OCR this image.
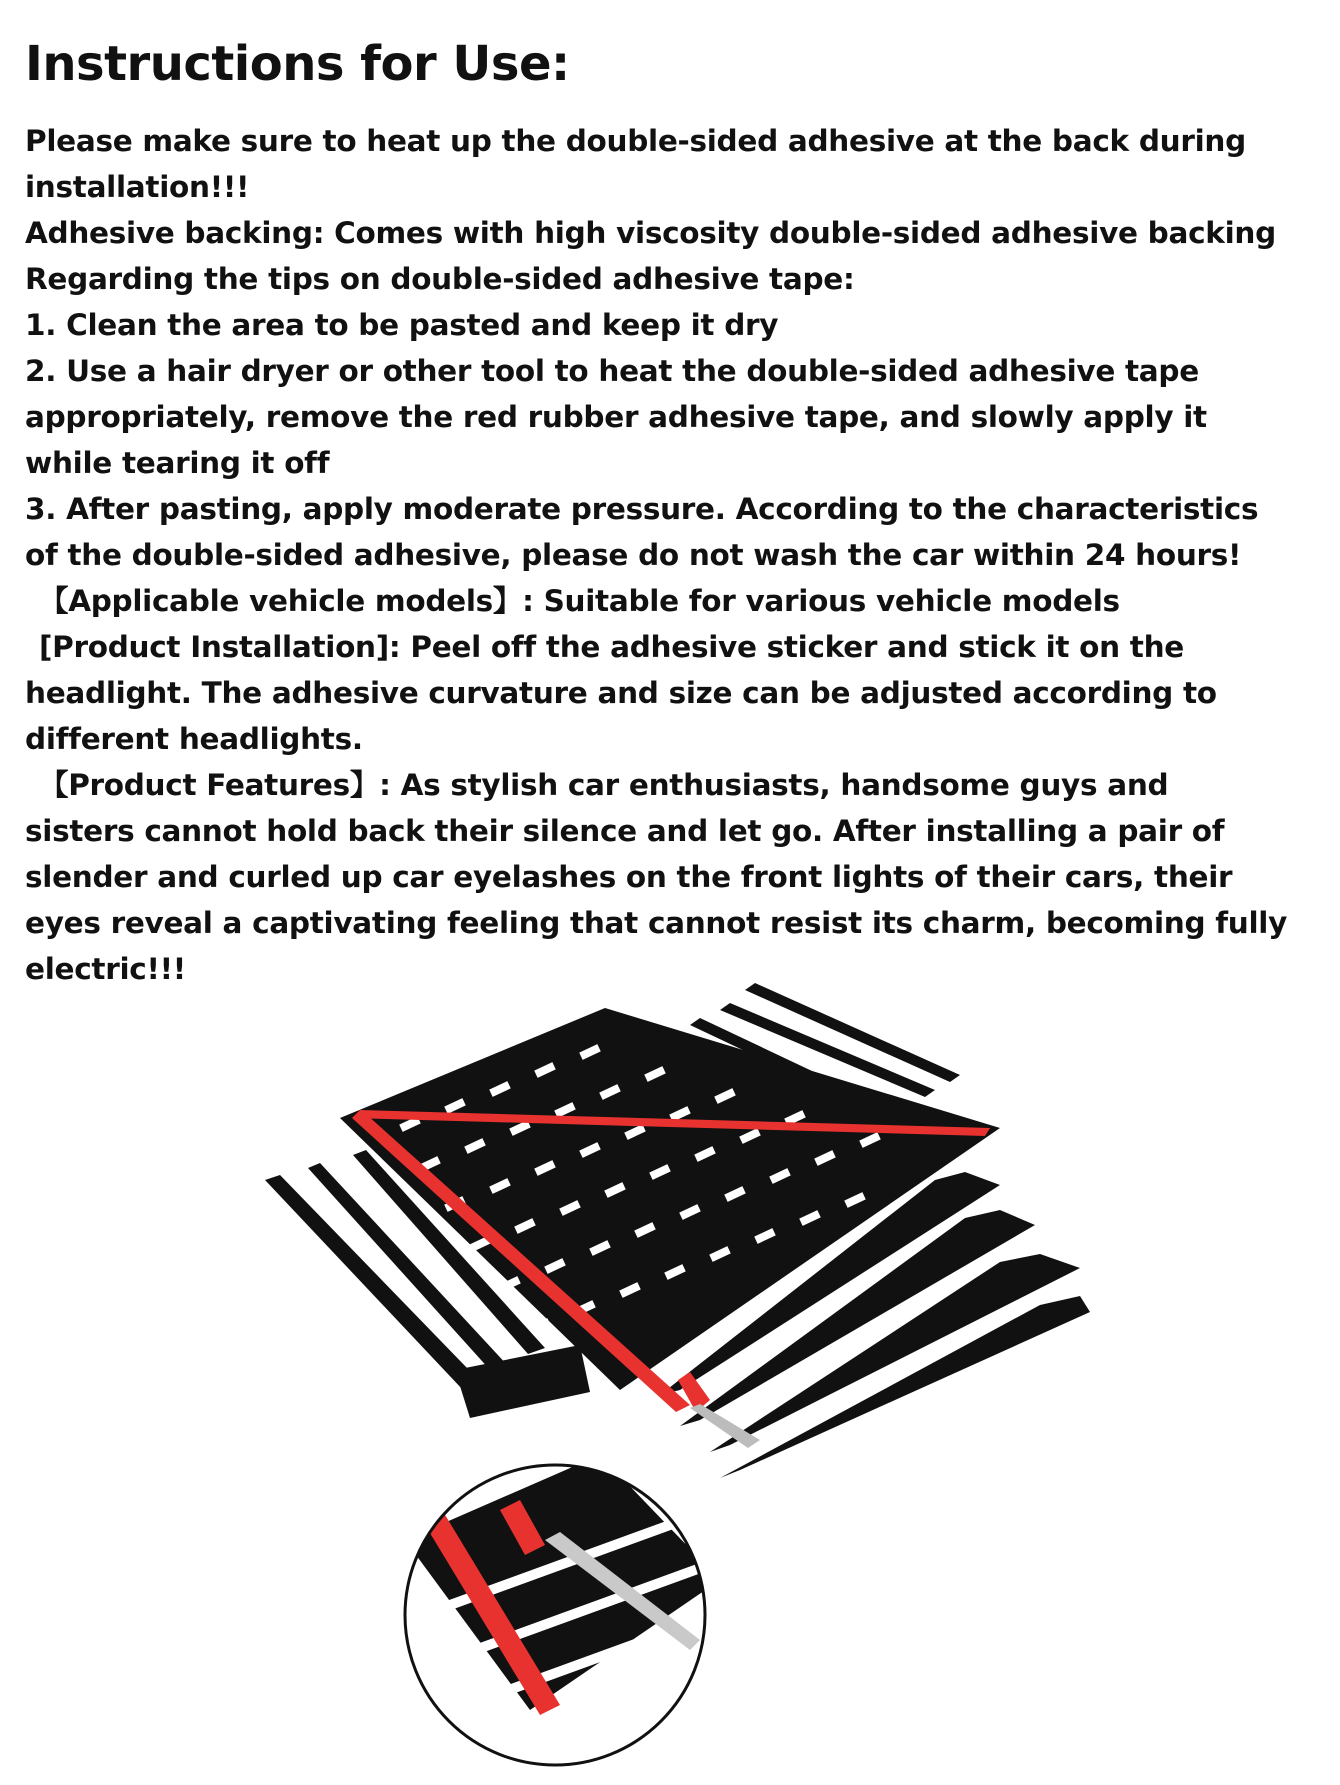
Instructions for Use:
Please make sure to heat up the double-sided adhesive at the back during
installation!!!
Adhesive backing: Comes with high viscosity double-sided adhesive backing
Regarding the tips on double-sided adhesive tape:
1. Clean the area to be pasted and keep it dry
2. Use a hair dryer or other tool to heat the double-sided adhesive tape
appropriately, remove the red rubber adhesive tape, and slowly apply it
while tearing it off
3. After pasting, apply moderate pressure. According to the characteristics
of the double-sided adhesive, please do not wash the car within 24 hours!
【Applicable vehicle models】: Suitable for various vehicle models
[Product Installation]: Peel off the adhesive sticker and stick it on the
headlight. The adhesive curvature and size can be adjusted according to
different headlights.
【Product Features】: As stylish car enthusiasts, handsome guys and
sisters cannot hold back their silence and let go. After installing a pair of
slender and curled up car eyelashes on the front lights of their cars, their
eyes reveal a captivating feeling that cannot resist its charm, becoming fully
electric!!!
